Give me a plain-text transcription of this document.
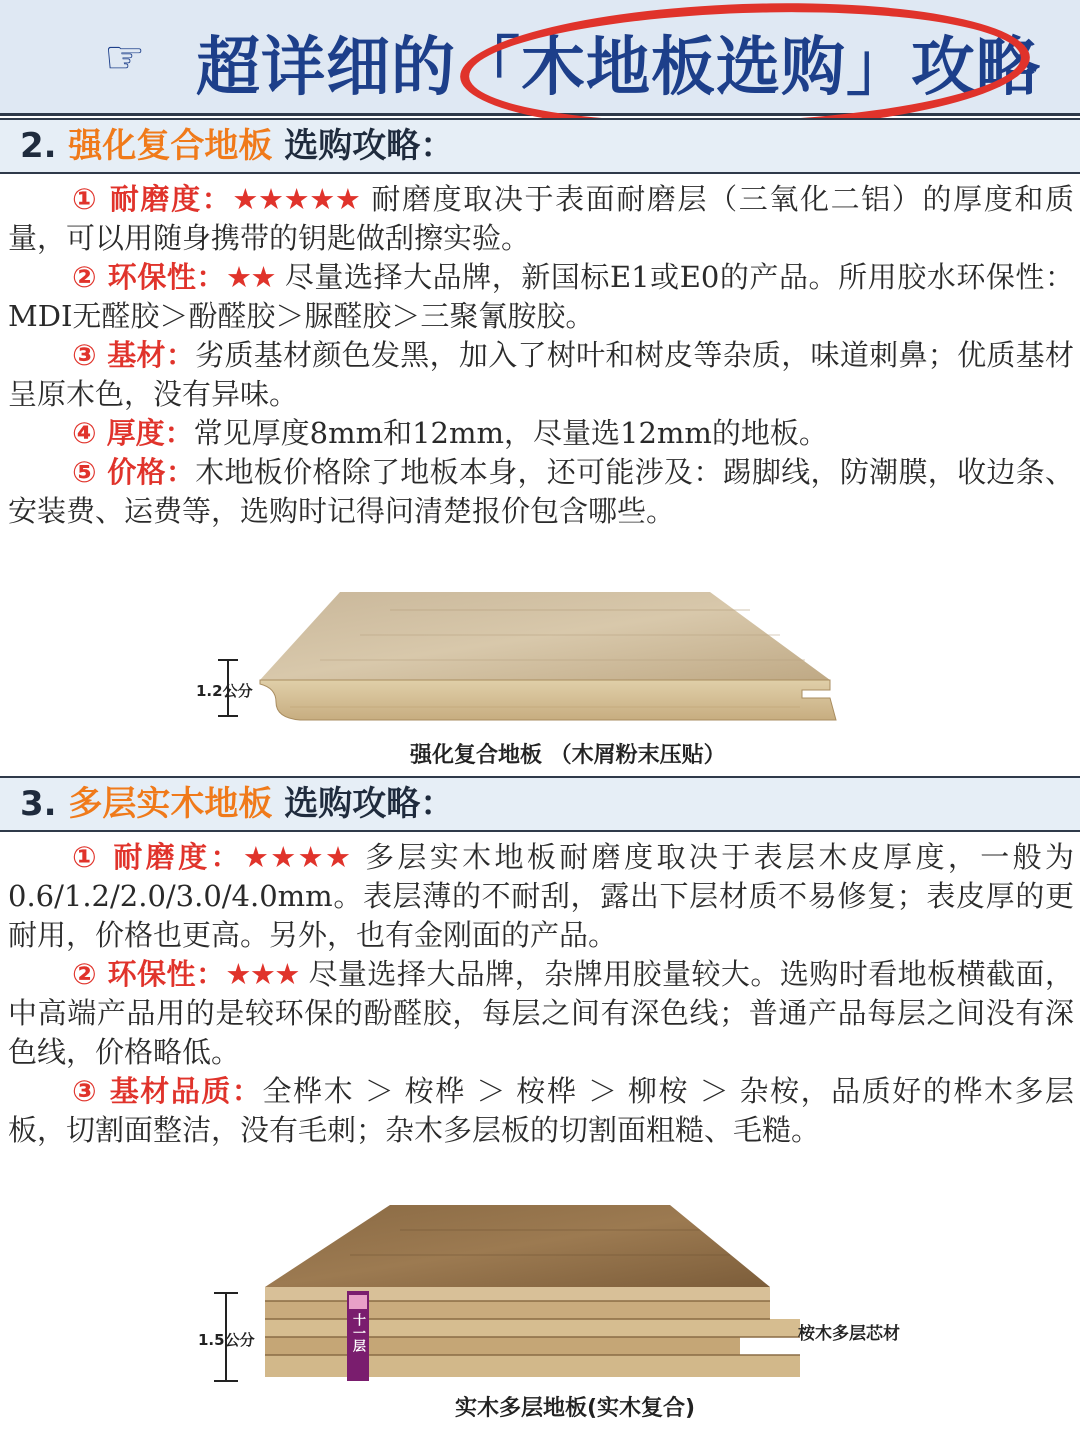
☞ 超详细的「木地板选购」攻略
2. 强化复合地板 选购攻略：

① 耐磨度：★★★★★ 耐磨度取决于表面耐磨层（三氧化二铝）的厚度和质量，可以用随身携带的钥匙做刮擦实验。

② 环保性：★★ 尽量选择大品牌，新国标E1或E0的产品。所用胶水环保性：MDI无醛胶＞酚醛胶＞脲醛胶＞三聚氰胺胶。

③ 基材：劣质基材颜色发黑，加入了树叶和树皮等杂质，味道刺鼻；优质基材呈原木色，没有异味。

④ 厚度：常见厚度8mm和12mm，尽量选12mm的地板。

⑤ 价格：木地板价格除了地板本身，还可能涉及：踢脚线，防潮膜，收边条、安装费、运费等，选购时记得问清楚报价包含哪些。

1.2公分
强化复合地板 （木屑粉末压贴）
3. 多层实木地板 选购攻略：

① 耐磨度：★★★★ 多层实木地板耐磨度取决于表层木皮厚度，一般为0.6/1.2/2.0/3.0/4.0mm。表层薄的不耐刮，露出下层材质不易修复；表皮厚的更耐用，价格也更高。另外，也有金刚面的产品。

② 环保性：★★★ 尽量选择大品牌，杂牌用胶量较大。选购时看地板横截面，中高端产品用的是较环保的酚醛胶，每层之间有深色线；普通产品每层之间没有深色线，价格略低。

③ 基材品质：全桦木 ＞ 桉桦 ＞ 桉桦 ＞ 柳桉 ＞ 杂桉，品质好的桦木多层板，切割面整洁，没有毛刺；杂木多层板的切割面粗糙、毛糙。

1.5公分	十一层	桉木多层芯材
实木多层地板(实木复合)
